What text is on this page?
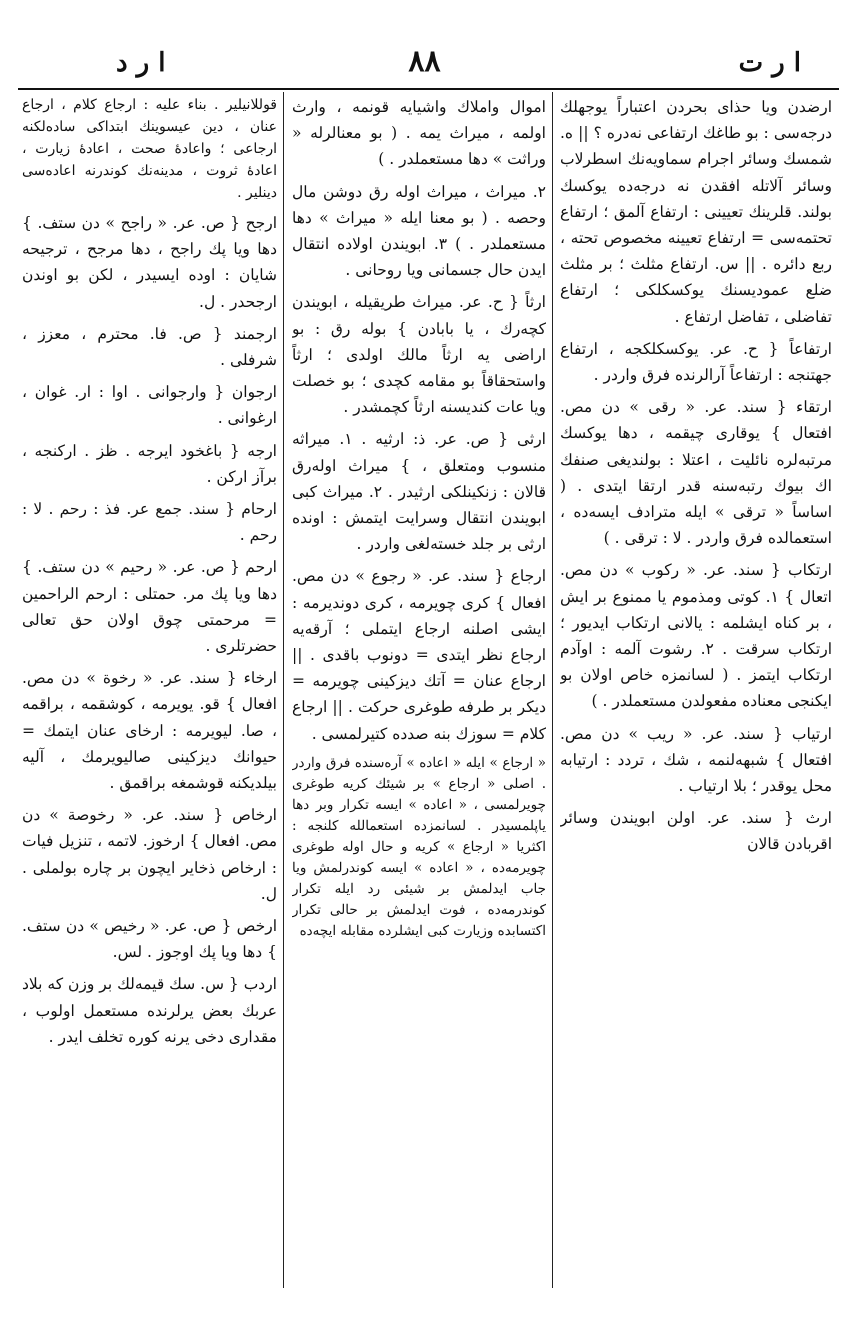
ا ر ت
۸۸
ا ر د

ارضدن ویا حذای بحردن اعتباراً یوجهلك درجه‌سی : بو طاغك ارتفاعی نه‌دره ؟ || ه. شمسك وسائر اجرام سماویه‌نك اسطرلاب وسائر آلاتله افقدن نه درجه‌ده یوکسك بولند. قلرینك تعیینی : ارتفاع آلمق ؛ ارتفاع تحتمه‌سی = ارتفاع تعیینه مخصوص تحته ، ربع دائره . || س. ارتفاع مثلث ؛ بر مثلث ضلع عمودیسنك یوکسکلکی ؛ ارتفاع تفاضلی ، تفاضل ارتفاع .

ارتفاعاً { ح. عر. یوکسکلکجه ، ارتفاع جهتنجه : ارتفاعاً آرالرنده فرق واردر .

ارتقاء { سند. عر. « رقی » دن مص. افتعال } یوقاری چیقمه ، دها یوکسك مرتبه‌لره نائلیت ، اعتلا : بولندیغی صنفك اك بیوك رتبه‌سنه قدر ارتقا ایتدی . ( اساساً « ترقی » ایله مترادف ایسه‌ده ، استعمالده فرق واردر . لا : ترقی . )

ارتکاب { سند. عر. « رکوب » دن مص. اتعال } ۱. کوتی ومذموم یا ممنوع بر ایش ، بر کناه ایشلمه : یالانی ارتکاب ایدیور ؛ ارتکاب سرقت . ۲. رشوت آلمه : اوآدم ارتکاب ایتمز . ( لسانمزه خاص اولان بو ایکنجی معناده مفعولدن مستعملدر . )

ارتیاب { سند. عر. « ریب » دن مص. افتعال } شبهه‌لنمه ، شك ، تردد : ارتیابه محل یوقدر ؛ بلا ارتیاب .

ارث { سند. عر. اولن ابویندن وسائر اقربادن قالان

اموال واملاك واشیایه قونمه ، وارث اولمه ، میراث یمه . ( بو معنالرله « وراثت » دها مستعملدر . )

۲. میراث ، میراث اوله رق دوشن مال وحصه . ( بو معنا ایله « میراث » دها مستعملدر . ) ۳. ابویندن اولاده انتقال ایدن حال جسمانی ویا روحانی .

ارثاً { ح. عر. میراث طریقیله ، ابویندن کچه‌رك ، یا بابادن } بوله رق : بو اراضی یه ارثاً مالك اولدی ؛ ارثاً واستحقاقاً بو مقامه کچدی ؛ بو خصلت ویا عات کندیسنه ارثاً کچمشدر .

ارثی { ص. عر. ذ: ارثیه . ۱. میراثه منسوب ومتعلق ، } میراث اوله‌رق قالان : زنکینلکی ارثیدر . ۲. میراث کبی ابویندن انتقال وسرایت ایتمش : اونده ارثی بر جلد خسته‌لغی واردر .

ارجاع { سند. عر. « رجوع » دن مص. افعال } کری چویرمه ، کری دوندیرمه : ایشی اصلنه ارجاع ایتملی ؛ آرقه‌یه ارجاع نظر ایتدی = دونوب باقدی . || ارجاع عنان = آتك دیزکینی چویرمه = دیکر بر طرفه طوغری حرکت . || ارجاع کلام = سوزك بنه صدده کتیرلمسی .

« ارجاع » ایله « اعاده » آره‌سنده فرق واردر . اصلی « ارجاع » بر شیئك کریه طوغری چویرلمسی ، « اعاده » ایسه تکرار وبر دها یاپلمسیدر . لسانمزده استعمالله کلنجه : اکثریا « ارجاع » کریه و حال اوله طوغری چویرمه‌ده ، « اعاده » ایسه کوندرلمش ویا جاب ایدلمش بر شیئی رد ایله تکرار کوندرمه‌ده ، فوت ایدلمش بر حالی تکرار اکتسابده وزیارت کبی ایشلرده مقابله ایچه‌ده

قوللانیلیر . بناء علیه : ارجاع کلام ، ارجاع عنان ، دین عیسوینك ابتداکی ساده‌لکنه ارجاعی ؛ واعادهٔ صحت ، اعادهٔ زیارت ، اعادهٔ ثروت ، مدینه‌نك کوندرنه اعاده‌سی دینلیر .

ارجح { ص. عر. « راجح » دن ستف. } دها ویا پك راجح ، دها مرجح ، ترجیحه شایان : اوده ایسیدر ، لکن بو اوندن ارجحدر . ل.

ارجمند { ص. فا. محترم ، معزز ، شرفلی .

ارجوان { وارجوانی . اوا : ار. غوان ، ارغوانی .

ارجه { باغخود ایرجه . ظز . ارکنجه ، برآز ارکن .

ارحام { سند. جمع عر. فذ : رحم . لا : رحم .

ارحم { ص. عر. « رحیم » دن ستف. } دها ویا پك مر. حمتلی : ارحم الراحمین = مرحمتی چوق اولان حق تعالی حضرتلری .

ارخاء { سند. عر. « رخوة » دن مص. افعال } قو. یویرمه ، کوشقمه ، براقمه ، صا. لیویرمه : ارخای عنان ایتمك = حیوانك دیزکینی صالیویرمك ، آلیه بیلدیکنه قوشمغه براقمق .

ارخاص { سند. عر. « رخوصة » دن مص. افعال } ارخوز. لاتمه ، تنزیل فیات : ارخاص ذخایر ایچون بر چاره بولملی . ل.

ارخص { ص. عر. « رخیص » دن ستف. } دها ویا پك اوجوز . لس.

اردب { س. سك قیمه‌لك بر وزن که بلاد عربك بعض یرلرنده مستعمل اولوب ، مقداری دخی یرنه کوره تخلف ایدر .
